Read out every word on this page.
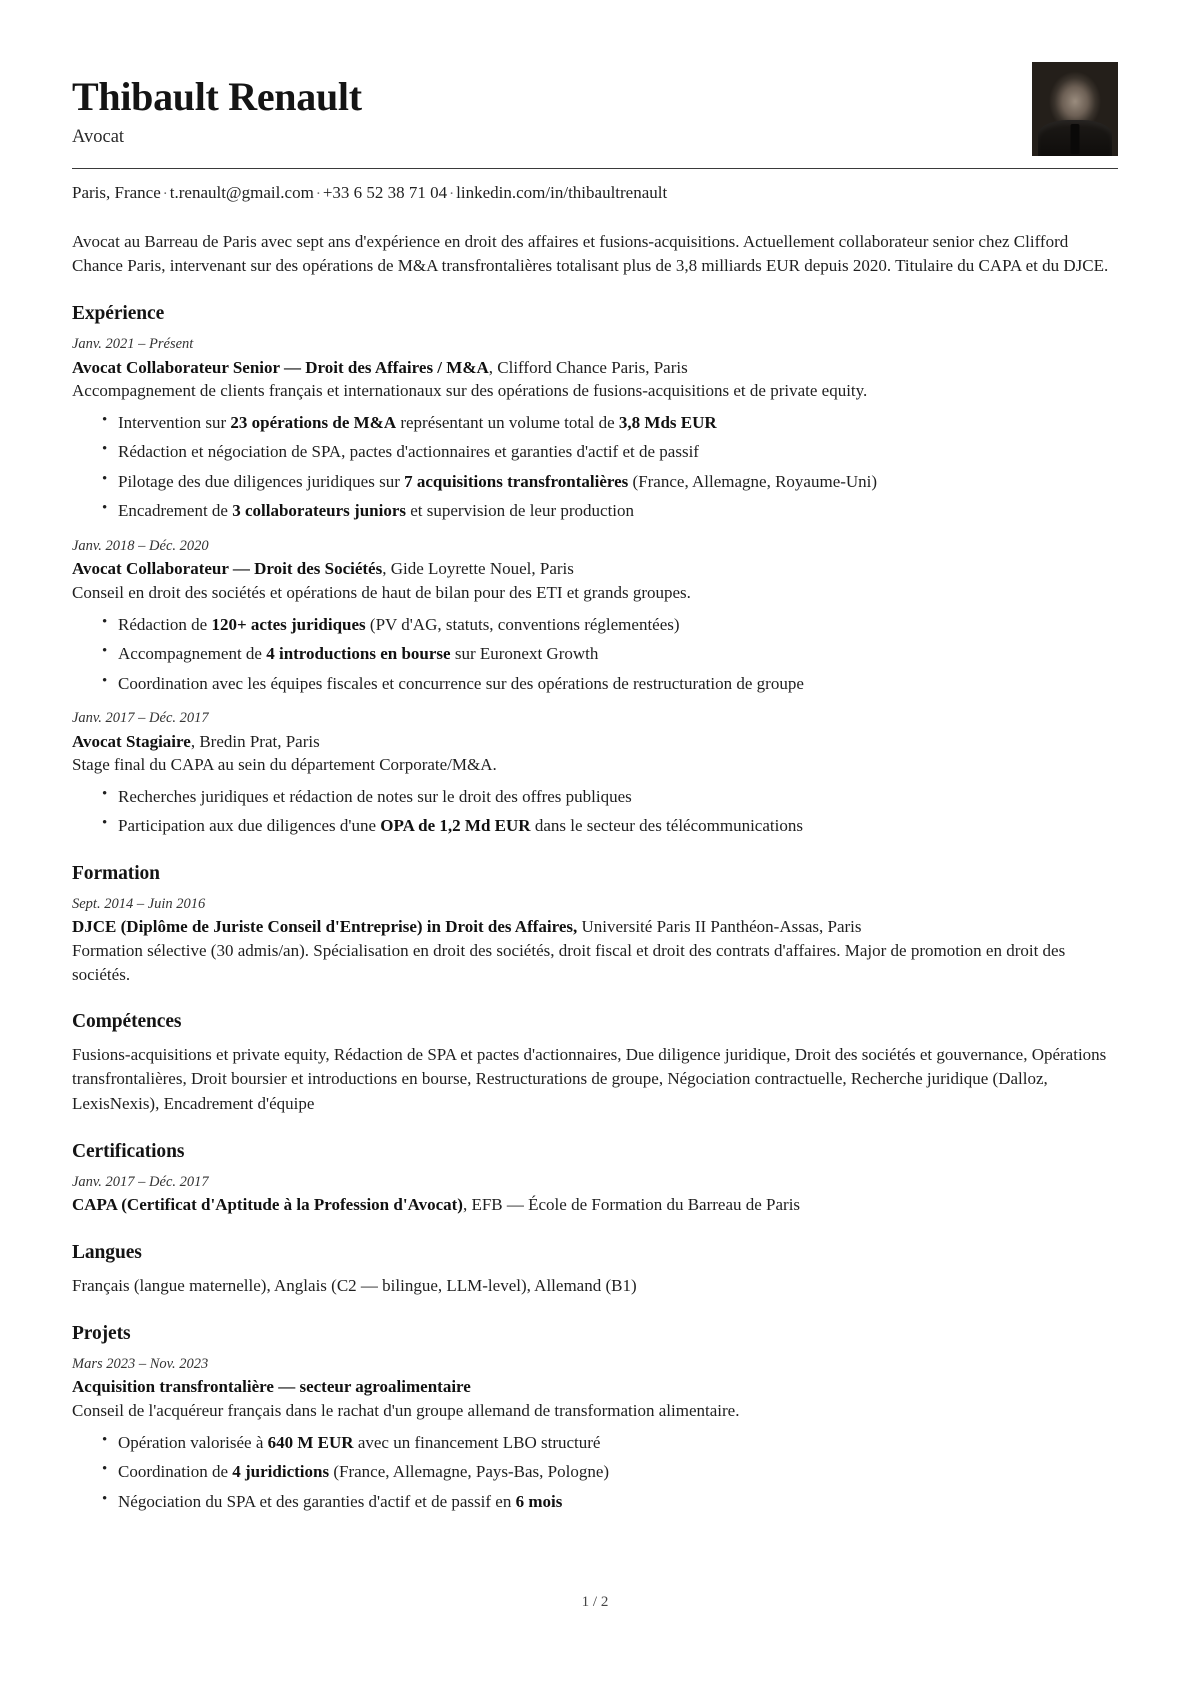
Thibault Renault

Avocat

Paris, France · t.renault@gmail.com · +33 6 52 38 71 04 · linkedin.com/in/thibaultrenault

Avocat au Barreau de Paris avec sept ans d'expérience en droit des affaires et fusions-acquisitions. Actuellement collaborateur senior chez Clifford Chance Paris, intervenant sur des opérations de M&A transfrontalières totalisant plus de 3,8 milliards EUR depuis 2020. Titulaire du CAPA et du DJCE.

Expérience

Janv. 2021 – Présent

Avocat Collaborateur Senior — Droit des Affaires / M&A, Clifford Chance Paris, Paris

Accompagnement de clients français et internationaux sur des opérations de fusions-acquisitions et de private equity.

• Intervention sur 23 opérations de M&A représentant un volume total de 3,8 Mds EUR
• Rédaction et négociation de SPA, pactes d'actionnaires et garanties d'actif et de passif
• Pilotage des due diligences juridiques sur 7 acquisitions transfrontalières (France, Allemagne, Royaume-Uni)
• Encadrement de 3 collaborateurs juniors et supervision de leur production

Janv. 2018 – Déc. 2020

Avocat Collaborateur — Droit des Sociétés, Gide Loyrette Nouel, Paris

Conseil en droit des sociétés et opérations de haut de bilan pour des ETI et grands groupes.

• Rédaction de 120+ actes juridiques (PV d'AG, statuts, conventions réglementées)
• Accompagnement de 4 introductions en bourse sur Euronext Growth
• Coordination avec les équipes fiscales et concurrence sur des opérations de restructuration de groupe

Janv. 2017 – Déc. 2017

Avocat Stagiaire, Bredin Prat, Paris

Stage final du CAPA au sein du département Corporate/M&A.

• Recherches juridiques et rédaction de notes sur le droit des offres publiques
• Participation aux due diligences d'une OPA de 1,2 Md EUR dans le secteur des télécommunications
Formation

Sept. 2014 – Juin 2016

DJCE (Diplôme de Juriste Conseil d'Entreprise) in Droit des Affaires, Université Paris II Panthéon-Assas, Paris

Formation sélective (30 admis/an). Spécialisation en droit des sociétés, droit fiscal et droit des contrats d'affaires. Major de promotion en droit des sociétés.

Compétences

Fusions-acquisitions et private equity, Rédaction de SPA et pactes d'actionnaires, Due diligence juridique, Droit des sociétés et gouvernance, Opérations transfrontalières, Droit boursier et introductions en bourse, Restructurations de groupe, Négociation contractuelle, Recherche juridique (Dalloz, LexisNexis), Encadrement d'équipe

Certifications

Janv. 2017 – Déc. 2017

CAPA (Certificat d'Aptitude à la Profession d'Avocat), EFB — École de Formation du Barreau de Paris

Langues

Français (langue maternelle), Anglais (C2 — bilingue, LLM-level), Allemand (B1)

Projets

Mars 2023 – Nov. 2023

Acquisition transfrontalière — secteur agroalimentaire

Conseil de l'acquéreur français dans le rachat d'un groupe allemand de transformation alimentaire.

• Opération valorisée à 640 M EUR avec un financement LBO structuré
• Coordination de 4 juridictions (France, Allemagne, Pays-Bas, Pologne)
• Négociation du SPA et des garanties d'actif et de passif en 6 mois
1 / 2
